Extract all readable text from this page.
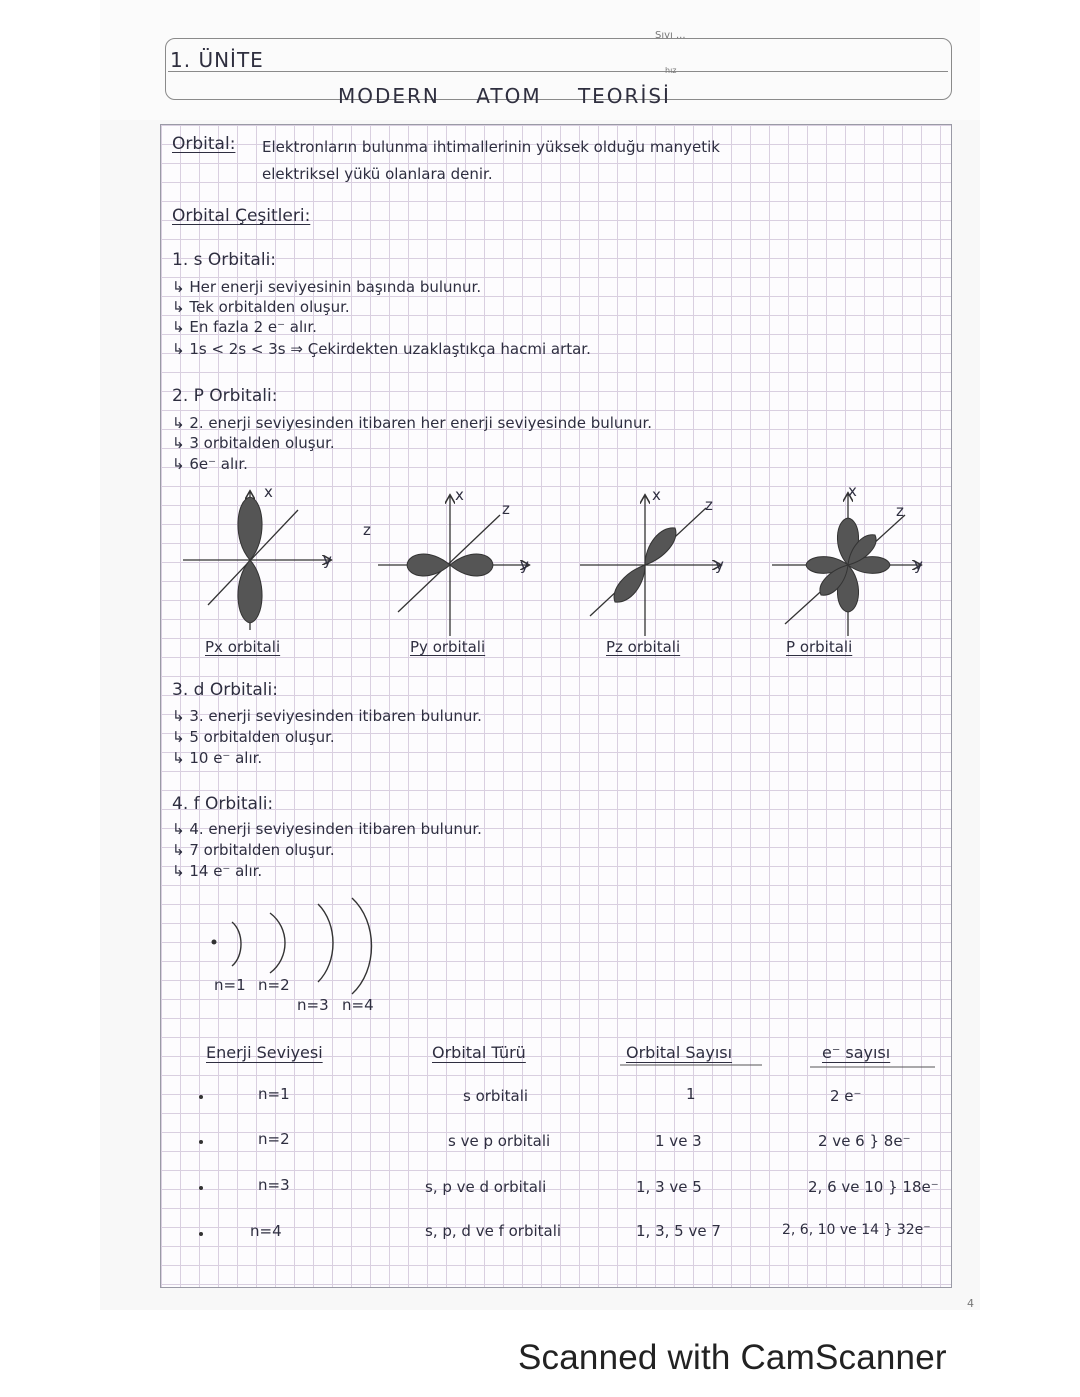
1. ÜNİTE
MODERN ATOM TEORİSİ
Sıvı ...
hız
Orbital: Elektronların bulunma ihtimallerinin yüksek olduğu manyetik
elektriksel yükü olanlara denir.
Orbital Çeşitleri:
1. s Orbitali:
↳ Her enerji seviyesinin başında bulunur.
↳ Tek orbitalden oluşur.
↳ En fazla 2 e⁻ alır.
↳ 1s < 2s < 3s ⇒ Çekirdekten uzaklaştıkça hacmi artar.
2. P Orbitali:
↳ 2. enerji seviyesinden itibaren her enerji seviyesinde bulunur.
↳ 3 orbitalden oluşur.
↳ 6e⁻ alır.
z
Px orbitali	Py orbitali	Pz orbitali	P orbitali
x
y
x
y
z
x
y
z
x
y
z
3. d Orbitali:
↳ 3. enerji seviyesinden itibaren bulunur.
↳ 5 orbitalden oluşur.
↳ 10 e⁻ alır.
4. f Orbitali:
↳ 4. enerji seviyesinden itibaren bulunur.
↳ 7 orbitalden oluşur.
↳ 14 e⁻ alır.
n=1 n=2
n=3 n=4
Enerji Seviyesi	Orbital Türü	Orbital Sayısı	e⁻ sayısı
n=1	s orbitali	1	2 e⁻
n=2	s ve p orbitali	1 ve 3	2 ve 6 } 8e⁻
n=3	s, p ve d orbitali	1, 3 ve 5	2, 6 ve 10 } 18e⁻
n=4	s, p, d ve f orbitali	1, 3, 5 ve 7	2, 6, 10 ve 14 } 32e⁻
4
Scanned with CamScanner
